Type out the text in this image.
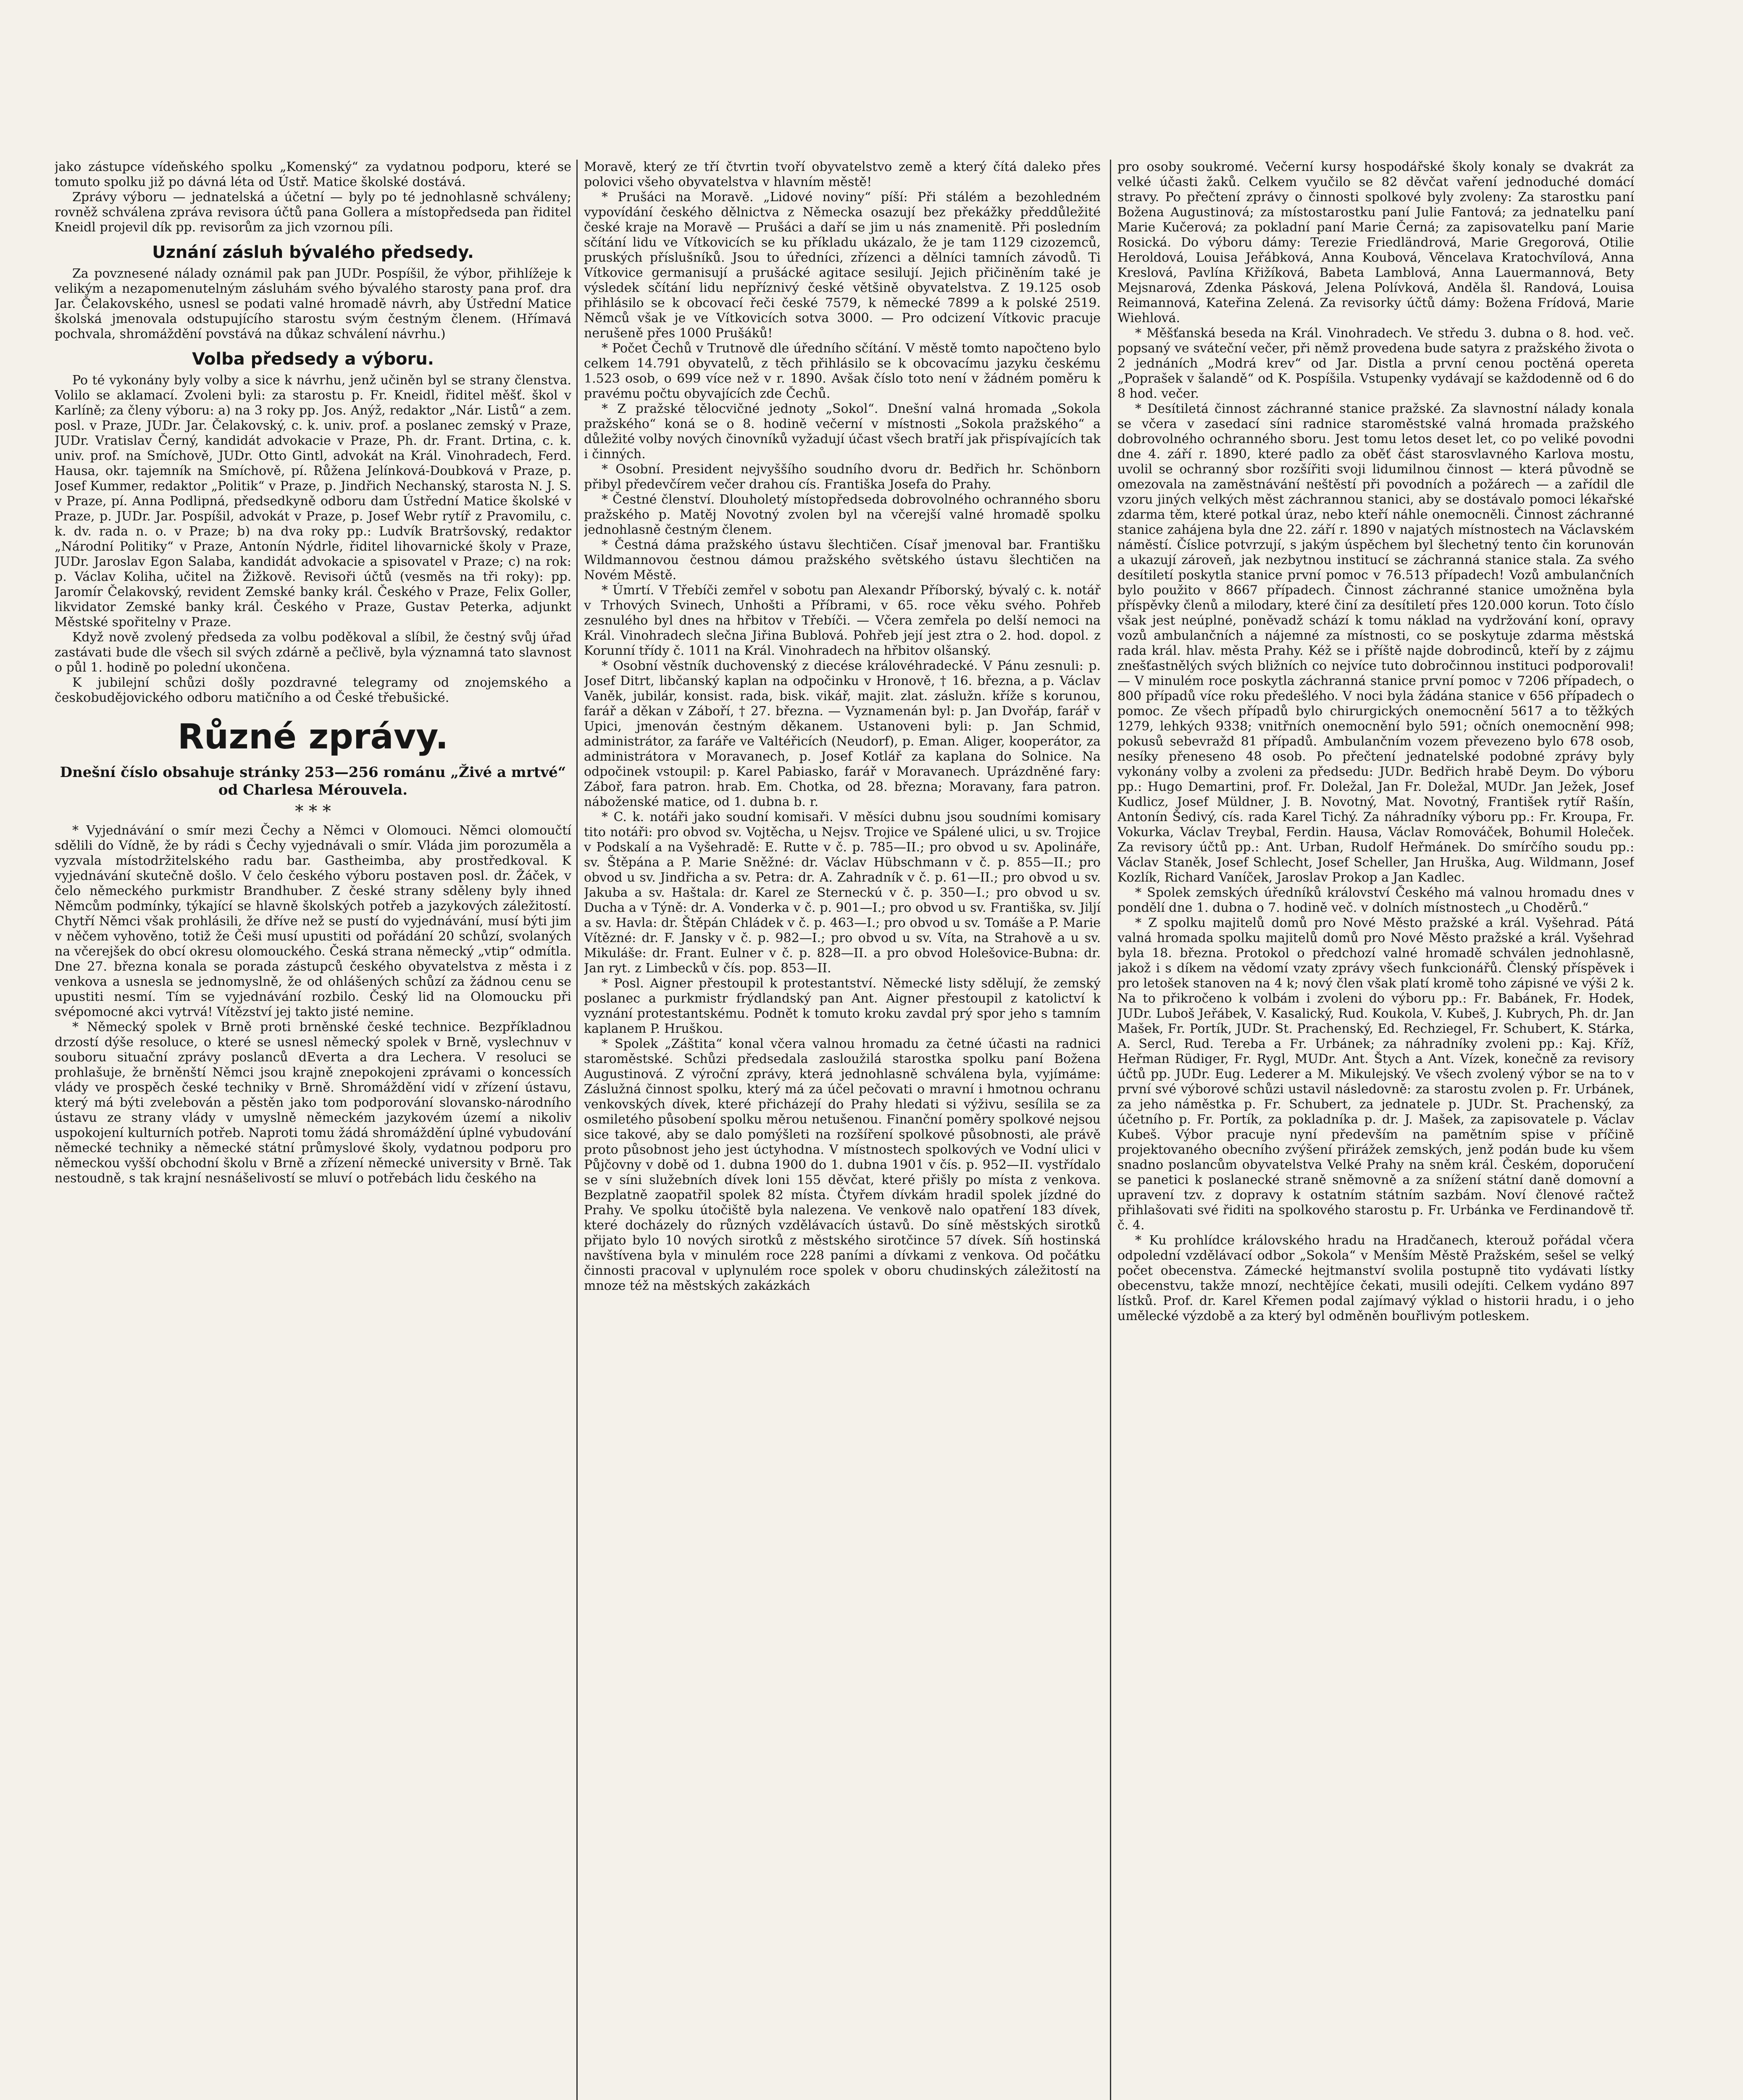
jako zástupce vídeňského spolku „Komenský“ za vydatnou podporu, které se tomuto spolku již po dávná léta od Ústř. Matice školské dostává.

Zprávy výboru — jednatelská a účetní — byly po té jednohlasně schváleny; rovněž schválena zpráva revisora účtů pana Gollera a místopředseda pan řiditel Kneidl projevil dík pp. revisorům za jich vzornou píli.

Uznání zásluh bývalého předsedy.

Za povznesené nálady oznámil pak pan JUDr. Pospíšil, že výbor, přihlížeje k velikým a nezapomenutelným zásluhám svého bývalého starosty pana prof. dra Jar. Čelakovského, usnesl se podati valné hromadě návrh, aby Ústřední Matice školská jmenovala odstupujícího starostu svým čestným členem. (Hřímavá pochvala, shromáždění povstává na důkaz schválení návrhu.)

Volba předsedy a výboru.

Po té vykonány byly volby a sice k návrhu, jenž učiněn byl se strany členstva. Volilo se aklamací. Zvoleni byli: za starostu p. Fr. Kneidl, řiditel měšť. škol v Karlíně; za členy výboru: a) na 3 roky pp. Jos. Anýž, redaktor „Nár. Listů“ a zem. posl. v Praze, JUDr. Jar. Čelakovský, c. k. univ. prof. a poslanec zemský v Praze, JUDr. Vratislav Černý, kandidát advokacie v Praze, Ph. dr. Frant. Drtina, c. k. univ. prof. na Smíchově, JUDr. Otto Gintl, advokát na Král. Vinohradech, Ferd. Hausa, okr. tajemník na Smíchově, pí. Růžena Jelínková-Doubková v Praze, p. Josef Kummer, redaktor „Politik“ v Praze, p. Jindřich Nechanský, starosta N. J. S. v Praze, pí. Anna Podlipná, předsedkyně odboru dam Ústřední Matice školské v Praze, p. JUDr. Jar. Pospíšil, advokát v Praze, p. Josef Webr rytíř z Pravomilu, c. k. dv. rada n. o. v Praze; b) na dva roky pp.: Ludvík Bratršovský, redaktor „Národní Politiky“ v Praze, Antonín Nýdrle, řiditel lihovarnické školy v Praze, JUDr. Jaroslav Egon Salaba, kandidát advokacie a spisovatel v Praze; c) na rok: p. Václav Koliha, učitel na Žižkově. Revisoři účtů (vesměs na tři roky): pp. Jaromír Čelakovský, revident Zemské banky král. Českého v Praze, Felix Goller, likvidator Zemské banky král. Českého v Praze, Gustav Peterka, adjunkt Městské spořitelny v Praze.

Když nově zvolený předseda za volbu poděkoval a slíbil, že čestný svůj úřad zastávati bude dle všech sil svých zdárně a pečlivě, byla významná tato slavnost o půl 1. hodině po polední ukončena.

K jubilejní schůzi došly pozdravné telegramy od znojemského a českobudějovického odboru matičního a od České třebušické.

Různé zprávy.
Dnešní číslo obsahuje stránky 253—256 románu „Živé a mrtvé“ od Charlesa Mérouvela.
* * *

* Vyjednávání o smír mezi Čechy a Němci v Olomouci. Němci olomoučtí sdělili do Vídně, že by rádi s Čechy vyjednávali o smír. Vláda jim porozuměla a vyzvala místodržitelského radu bar. Gastheimba, aby prostředkoval. K vyjednávání skutečně došlo. V čelo českého výboru postaven posl. dr. Žáček, v čelo německého purkmistr Brandhuber. Z české strany sděleny byly ihned Němcům podmínky, týkající se hlavně školských potřeb a jazykových záležitostí. Chytří Němci však prohlásili, že dříve než se pustí do vyjednávání, musí býti jim v něčem vyhověno, totiž že Češi musí upustiti od pořádání 20 schůzí, svolaných na včerejšek do obcí okresu olomouckého. Česká strana německý „vtip“ odmítla. Dne 27. března konala se porada zástupců českého obyvatelstva z města i z venkova a usnesla se jednomyslně, že od ohlášených schůzí za žádnou cenu se upustiti nesmí. Tím se vyjednávání rozbilo. Český lid na Olomoucku při svépomocné akci vytrvá! Vítězství jej takto jisté nemine.

* Německý spolek v Brně proti brněnské české technice. Bezpříkladnou drzostí dýše resoluce, o které se usnesl německý spolek v Brně, vyslechnuv v souboru situační zprávy poslanců dEverta a dra Lechera. V resoluci se prohlašuje, že brněnští Němci jsou krajně znepokojeni zprávami o koncessích vlády ve prospěch české techniky v Brně. Shromáždění vidí v zřízení ústavu, který má býti zvelebován a pěstěn jako tom podporování slovansko-národního ústavu ze strany vlády v umyslně německém jazykovém území a nikoliv uspokojení kulturních potřeb. Naproti tomu žádá shromáždění úplné vybudování německé techniky a německé státní průmyslové školy, vydatnou podporu pro německou vyšší obchodní školu v Brně a zřízení německé university v Brně. Tak nestoudně, s tak krajní nesnášelivostí se mluví o potřebách lidu českého na

Moravě, který ze tří čtvrtin tvoří obyvatelstvo země a který čítá daleko přes polovici všeho obyvatelstva v hlavním městě!

* Prušáci na Moravě. „Lidové noviny“ píší: Při stálém a bezohledném vypovídání českého dělnictva z Německa osazují bez překážky předdůležité české kraje na Moravě — Prušáci a daří se jim u nás znamenitě. Při posledním sčítání lidu ve Vítkovicích se ku příkladu ukázalo, že je tam 1129 cizozemců, pruských příslušníků. Jsou to úředníci, zřízenci a dělníci tamních závodů. Ti Vítkovice germanisují a prušácké agitace sesilují. Jejich přičiněním také je výsledek sčítání lidu nepříznivý české většině obyvatelstva. Z 19.125 osob přihlásilo se k obcovací řeči české 7579, k německé 7899 a k polské 2519. Němců však je ve Vítkovicích sotva 3000. — Pro odcizení Vítkovic pracuje nerušeně přes 1000 Prušáků!

* Počet Čechů v Trutnově dle úředního sčítání. V městě tomto napočteno bylo celkem 14.791 obyvatelů, z těch přihlásilo se k obcovacímu jazyku českému 1.523 osob, o 699 více než v r. 1890. Avšak číslo toto není v žádném poměru k pravému počtu obyvajících zde Čechů.

* Z pražské tělocvičné jednoty „Sokol“. Dnešní valná hromada „Sokola pražského“ koná se o 8. hodině večerní v místnosti „Sokola pražského“ a důležité volby nových činovníků vyžadují účast všech bratří jak přispívajících tak i činných.

* Osobní. President nejvyššího soudního dvoru dr. Bedřich hr. Schönborn přibyl předevčírem večer drahou cís. Františka Josefa do Prahy.

* Čestné členství. Dlouholetý místopředseda dobrovolného ochranného sboru pražského p. Matěj Novotný zvolen byl na včerejší valné hromadě spolku jednohlasně čestným členem.

* Čestná dáma pražského ústavu šlechtičen. Císař jmenoval bar. Františku Wildmannovou čestnou dámou pražského světského ústavu šlechtičen na Novém Městě.

* Úmrtí. V Třebíči zemřel v sobotu pan Alexandr Příborský, bývalý c. k. notář v Trhových Svinech, Unhošti a Příbrami, v 65. roce věku svého. Pohřeb zesnulého byl dnes na hřbitov v Třebíči. — Včera zemřela po delší nemoci na Král. Vinohradech slečna Jiřina Bublová. Pohřeb její jest ztra o 2. hod. dopol. z Korunní třídy č. 1011 na Král. Vinohradech na hřbitov olšanský.

* Osobní věstník duchovenský z diecése královéhradecké. V Pánu zesnuli: p. Josef Ditrt, libčanský kaplan na odpočinku v Hronově, † 16. března, a p. Václav Vaněk, jubilár, konsist. rada, bisk. vikář, majit. zlat. záslužn. kříže s korunou, farář a děkan v Záboří, † 27. března. — Vyznamenán byl: p. Jan Dvořáp, farář v Upici, jmenován čestným děkanem. Ustanoveni byli: p. Jan Schmid, administrátor, za faráře ve Valtéřicích (Neudorf), p. Eman. Aliger, kooperátor, za administrátora v Moravanech, p. Josef Kotlář za kaplana do Solnice. Na odpočinek vstoupil: p. Karel Pabiasko, farář v Moravanech. Uprázdněné fary: Záboř, fara patron. hrab. Em. Chotka, od 28. března; Moravany, fara patron. náboženské matice, od 1. dubna b. r.

* C. k. notáři jako soudní komisaři. V měsíci dubnu jsou soudními komisary tito notáři: pro obvod sv. Vojtěcha, u Nejsv. Trojice ve Spálené ulici, u sv. Trojice v Podskalí a na Vyšehradě: E. Rutte v č. p. 785—II.; pro obvod u sv. Apolináře, sv. Štěpána a P. Marie Sněžné: dr. Václav Hübschmann v č. p. 855—II.; pro obvod u sv. Jindřicha a sv. Petra: dr. A. Zahradník v č. p. 61—II.; pro obvod u sv. Jakuba a sv. Haštala: dr. Karel ze Sterneckú v č. p. 350—I.; pro obvod u sv. Ducha a v Týně: dr. A. Vonderka v č. p. 901—I.; pro obvod u sv. Františka, sv. Jiljí a sv. Havla: dr. Štěpán Chládek v č. p. 463—I.; pro obvod u sv. Tomáše a P. Marie Vítězné: dr. F. Jansky v č. p. 982—I.; pro obvod u sv. Víta, na Strahově a u sv. Mikuláše: dr. Frant. Eulner v č. p. 828—II. a pro obvod Holešovice-Bubna: dr. Jan ryt. z Limbecků v čís. pop. 853—II.

* Posl. Aigner přestoupil k protestantství. Německé listy sdělují, že zemský poslanec a purkmistr frýdlandský pan Ant. Aigner přestoupil z katolictví k vyznání protestantskému. Podnět k tomuto kroku zavdal prý spor jeho s tamním kaplanem P. Hruškou.

* Spolek „Záštita“ konal včera valnou hromadu za četné účasti na radnici staroměstské. Schůzi předsedala zasloužilá starostka spolku paní Božena Augustinová. Z výroční zprávy, která jednohlasně schválena byla, vyjímáme: Záslužná činnost spolku, který má za účel pečovati o mravní i hmotnou ochranu venkovských dívek, které přicházejí do Prahy hledati si výživu, sesílila se za osmiletého působení spolku měrou netušenou. Finanční poměry spolkové nejsou sice takové, aby se dalo pomýšleti na rozšíření spolkové působnosti, ale právě proto působnost jeho jest úctyhodna. V místnostech spolkových ve Vodní ulici v Půjčovny v době od 1. dubna 1900 do 1. dubna 1901 v čís. p. 952—II. vystřídalo se v síni služebních dívek loni 155 děvčat, které přišly po místa z venkova. Bezplatně zaopatřil spolek 82 místa. Čtyřem dívkám hradil spolek jízdné do Prahy. Ve spolku útočiště byla nalezena. Ve venkově nalo opatření 183 dívek, které docházely do různých vzdělávacích ústavů. Do síně městských sirotků přijato bylo 10 nových sirotků z městského sirotčince 57 dívek. Síň hostinská navštívena byla v minulém roce 228 paními a dívkami z venkova. Od počátku činnosti pracoval v uplynulém roce spolek v oboru chudinských záležitostí na mnoze též na městských zakázkách

pro osoby soukromé. Večerní kursy hospodářské školy konaly se dvakrát za velké účasti žaků. Celkem vyučilo se 82 děvčat vaření jednoduché domácí stravy. Po přečtení zprávy o činnosti spolkové byly zvoleny: Za starostku paní Božena Augustinová; za místostarostku paní Julie Fantová; za jednatelku paní Marie Kučerová; za pokladní paní Marie Černá; za zapisovatelku paní Marie Rosická. Do výboru dámy: Terezie Friedländrová, Marie Gregorová, Otilie Heroldová, Louisa Jeřábková, Anna Koubová, Věncelava Kratochvílová, Anna Kreslová, Pavlína Křižíková, Babeta Lamblová, Anna Lauermannová, Bety Mejsnarová, Zdenka Pásková, Jelena Polívková, Anděla šl. Randová, Louisa Reimannová, Kateřina Zelená. Za revisorky účtů dámy: Božena Frídová, Marie Wiehlová.

* Měšťanská beseda na Král. Vinohradech. Ve středu 3. dubna o 8. hod. več. popsaný ve sváteční večer, při němž provedena bude satyra z pražského života o 2 jednáních „Modrá krev“ od Jar. Distla a první cenou poctěná opereta „Poprašek v šalandě“ od K. Pospíšila. Vstupenky vydávají se každodenně od 6 do 8 hod. večer.

* Desítiletá činnost záchranné stanice pražské. Za slavnostní nálady konala se včera v zasedací síni radnice staroměstské valná hromada pražského dobrovolného ochranného sboru. Jest tomu letos deset let, co po veliké povodni dne 4. září r. 1890, které padlo za oběť část starosvlavného Karlova mostu, uvolil se ochranný sbor rozšířiti svoji lidumilnou činnost — která původně se omezovala na zaměstnávání neštěstí při povodních a požárech — a zařídil dle vzoru jiných velkých měst záchrannou stanici, aby se dostávalo pomoci lékařské zdarma těm, které potkal úraz, nebo kteří náhle onemocněli. Činnost záchranné stanice zahájena byla dne 22. září r. 1890 v najatých místnostech na Václavském náměstí. Číslice potvrzují, s jakým úspěchem byl šlechetný tento čin korunován a ukazují zároveň, jak nezbytnou institucí se záchranná stanice stala. Za svého desítiletí poskytla stanice první pomoc v 76.513 případech! Vozů ambulančních bylo použito v 8667 případech. Činnost záchranné stanice umožněna byla příspěvky členů a milodary, které činí za desítiletí přes 120.000 korun. Toto číslo však jest neúplné, poněvadž schází k tomu náklad na vydržování koní, opravy vozů ambulančních a nájemné za místnosti, co se poskytuje zdarma městská rada král. hlav. města Prahy. Kéž se i příště najde dobrodinců, kteří by z zájmu znešťastnělých svých bližních co nejvíce tuto dobročinnou instituci podporovali! — V minulém roce poskytla záchranná stanice první pomoc v 7206 případech, o 800 případů více roku předešlého. V noci byla žádána stanice v 656 případech o pomoc. Ze všech případů bylo chirurgických onemocnění 5617 a to těžkých 1279, lehkých 9338; vnitřních onemocnění bylo 591; očních onemocnění 998; pokusů sebevražd 81 případů. Ambulančním vozem převezeno bylo 678 osob, nesíky přeneseno 48 osob. Po přečtení jednatelské podobné zprávy byly vykonány volby a zvoleni za předsedu: JUDr. Bedřich hrabě Deym. Do výboru pp.: Hugo Demartini, prof. Fr. Doležal, Jan Fr. Doležal, MUDr. Jan Ježek, Josef Kudlicz, Josef Müldner, J. B. Novotný, Mat. Novotný, František rytíř Rašín, Antonín Šedivý, cís. rada Karel Tichý. Za náhradníky výboru pp.: Fr. Kroupa, Fr. Vokurka, Václav Treybal, Ferdin. Hausa, Václav Romováček, Bohumil Holeček. Za revisory účtů pp.: Ant. Urban, Rudolf Heřmánek. Do smírčího soudu pp.: Václav Staněk, Josef Schlecht, Josef Scheller, Jan Hruška, Aug. Wildmann, Josef Kozlík, Richard Vaníček, Jaroslav Prokop a Jan Kadlec.

* Spolek zemských úředníků království Českého má valnou hromadu dnes v pondělí dne 1. dubna o 7. hodině več. v dolních místnostech „u Choděrů.“

* Z spolku majitelů domů pro Nové Město pražské a král. Vyšehrad. Pátá valná hromada spolku majitelů domů pro Nové Město pražské a král. Vyšehrad byla 18. března. Protokol o předchozí valné hromadě schválen jednohlasně, jakož i s díkem na vědomí vzaty zprávy všech funkcionářů. Členský příspěvek i pro letošek stanoven na 4 k; nový člen však platí kromě toho zápisné ve výši 2 k. Na to přikročeno k volbám i zvoleni do výboru pp.: Fr. Babánek, Fr. Hodek, JUDr. Luboš Jeřábek, V. Kasalický, Rud. Koukola, V. Kubeš, J. Kubrych, Ph. dr. Jan Mašek, Fr. Portík, JUDr. St. Prachenský, Ed. Rechziegel, Fr. Schubert, K. Stárka, A. Sercl, Rud. Tereba a Fr. Urbánek; za náhradníky zvoleni pp.: Kaj. Kříž, Heřman Rüdiger, Fr. Rygl, MUDr. Ant. Štych a Ant. Vízek, konečně za revisory účtů pp. JUDr. Eug. Lederer a M. Mikulejský. Ve všech zvolený výbor se na to v první své výborové schůzi ustavil následovně: za starostu zvolen p. Fr. Urbánek, za jeho náměstka p. Fr. Schubert, za jednatele p. JUDr. St. Prachenský, za účetního p. Fr. Portík, za pokladníka p. dr. J. Mašek, za zapisovatele p. Václav Kubeš. Výbor pracuje nyní především na pamětním spise v příčině projektovaného obecního zvýšení přirážek zemských, jenž podán bude ku všem snadno poslancům obyvatelstva Velké Prahy na sněm král. Českém, doporučení se panetici k poslanecké straně sněmovně a za snížení státní daně domovní a upravení tzv. z dopravy k ostatním státním sazbám. Noví členové račtež přihlašovati své řiditi na spolkového starostu p. Fr. Urbánka ve Ferdinandově tř. č. 4.

* Ku prohlídce královského hradu na Hradčanech, kterouž pořádal včera odpolední vzdělávací odbor „Sokola“ v Menším Městě Pražském, sešel se velký počet obecenstva. Zámecké hejtmanství svolila postupně tito vydávati lístky obecenstvu, takže mnozí, nechtějíce čekati, musili odejíti. Celkem vydáno 897 lístků. Prof. dr. Karel Křemen podal zajímavý výklad o historii hradu, i o jeho umělecké výzdobě a za který byl odměněn bouřlivým potleskem.
